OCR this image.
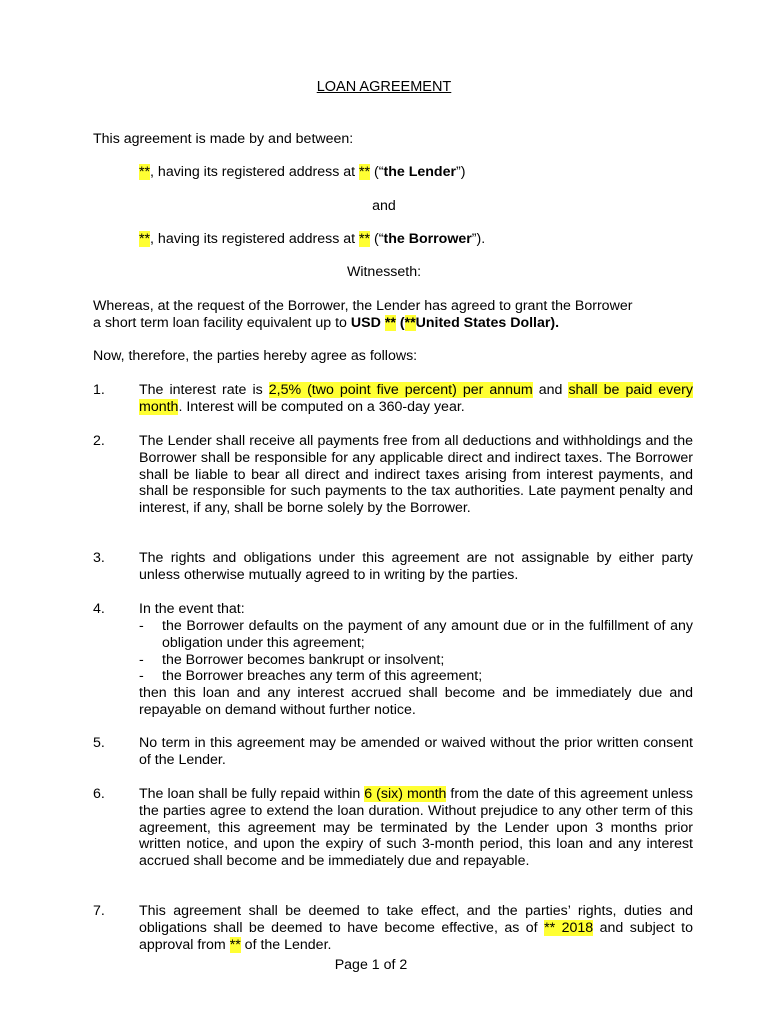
LOAN AGREEMENT
This agreement is made by and between:
**, having its registered address at ** (“the Lender”)
and
**, having its registered address at ** (“the Borrower”).
Witnesseth:
Whereas, at the request of the Borrower, the Lender has agreed to grant the Borrower
a short term loan facility equivalent up to USD ** (**United States Dollar).
Now, therefore, the parties hereby agree as follows:
1. The interest rate is 2,5% (two point five percent) per annum and shall be paid every month. Interest will be computed on a 360-day year.
2. The Lender shall receive all payments free from all deductions and withholdings and the Borrower shall be responsible for any applicable direct and indirect taxes. The Borrower shall be liable to bear all direct and indirect taxes arising from interest payments, and shall be responsible for such payments to the tax authorities. Late payment penalty and interest, if any, shall be borne solely by the Borrower.
3. The rights and obligations under this agreement are not assignable by either party unless otherwise mutually agreed to in writing by the parties.
4. In the event that:
- the Borrower defaults on the payment of any amount due or in the fulfillment of any obligation under this agreement;
- the Borrower becomes bankrupt or insolvent;
- the Borrower breaches any term of this agreement;
then this loan and any interest accrued shall become and be immediately due and repayable on demand without further notice.
5. No term in this agreement may be amended or waived without the prior written consent of the Lender.
6. The loan shall be fully repaid within 6 (six) month from the date of this agreement unless the parties agree to extend the loan duration. Without prejudice to any other term of this agreement, this agreement may be terminated by the Lender upon 3 months prior written notice, and upon the expiry of such 3-month period, this loan and any interest accrued shall become and be immediately due and repayable.
7. This agreement shall be deemed to take effect, and the parties’ rights, duties and obligations shall be deemed to have become effective, as of ** 2018 and subject to approval from ** of the Lender.
Page 1 of 2
